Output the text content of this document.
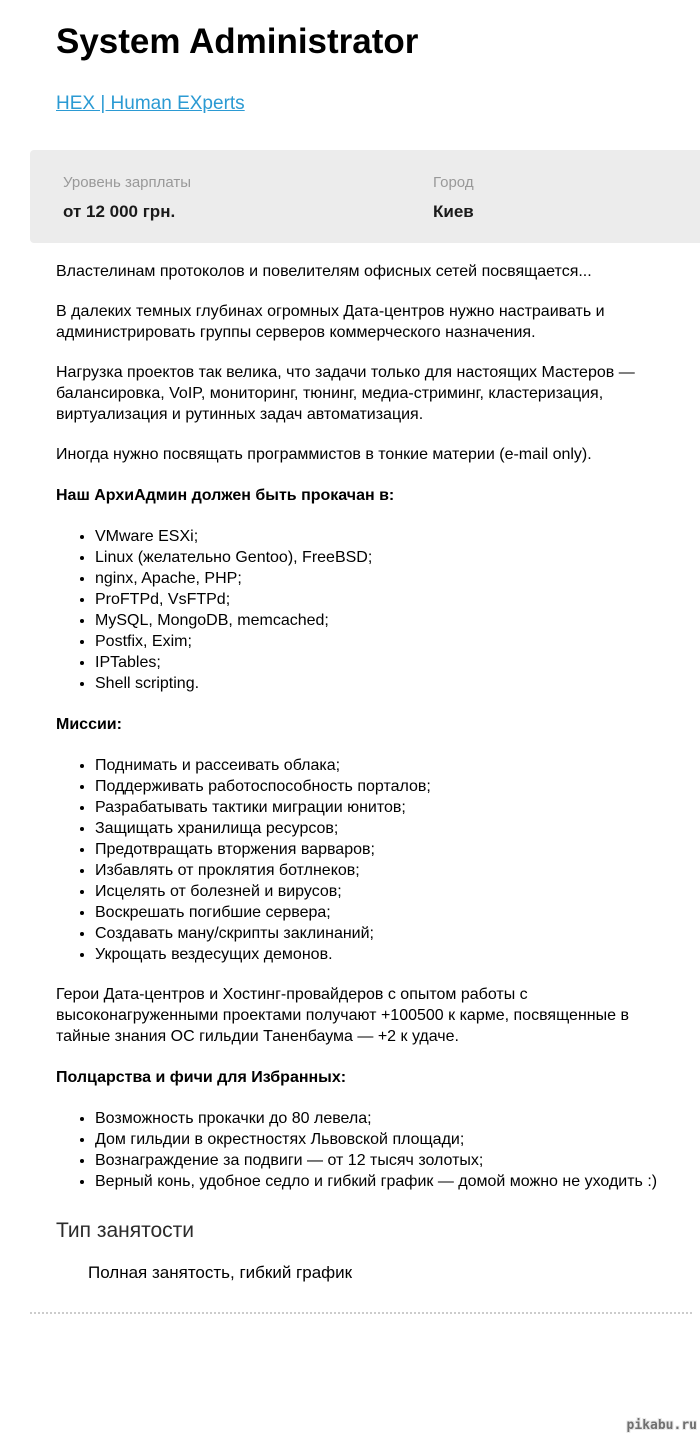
System Administrator
HEX | Human EXperts
Уровень зарплаты
от 12 000 грн.
Город
Киев

Властелинам протоколов и повелителям офисных сетей посвящается...

В далеких темных глубинах огромных Дата-центров нужно настраивать и администрировать группы серверов коммерческого назначения.

Нагрузка проектов так велика, что задачи только для настоящих Мастеров — балансировка, VoIP, мониторинг, тюнинг, медиа-стриминг, кластеризация, виртуализация и рутинных задач автоматизация.

Иногда нужно посвящать программистов в тонкие материи (e-mail only).

Наш АрхиАдмин должен быть прокачан в:
• VMware ESXi;
• Linux (желательно Gentoo), FreeBSD;
• nginx, Apache, PHP;
• ProFTPd, VsFTPd;
• MySQL, MongoDB, memcached;
• Postfix, Exim;
• IPTables;
• Shell scripting.
Миссии:
• Поднимать и рассеивать облака;
• Поддерживать работоспособность порталов;
• Разрабатывать тактики миграции юнитов;
• Защищать хранилища ресурсов;
• Предотвращать вторжения варваров;
• Избавлять от проклятия ботлнеков;
• Исцелять от болезней и вирусов;
• Воскрешать погибшие сервера;
• Создавать ману/скрипты заклинаний;
• Укрощать вездесущих демонов.

Герои Дата-центров и Хостинг-провайдеров с опытом работы с высоконагруженными проектами получают +100500 к карме, посвященные в тайные знания ОС гильдии Таненбаума — +2 к удаче.

Полцарства и фичи для Избранных:
• Возможность прокачки до 80 левела;
• Дом гильдии в окрестностях Львовской площади;
• Вознаграждение за подвиги — от 12 тысяч золотых;
• Верный конь, удобное седло и гибкий график — домой можно не уходить :)
Тип занятости
Полная занятость, гибкий график
pikabu.ru
